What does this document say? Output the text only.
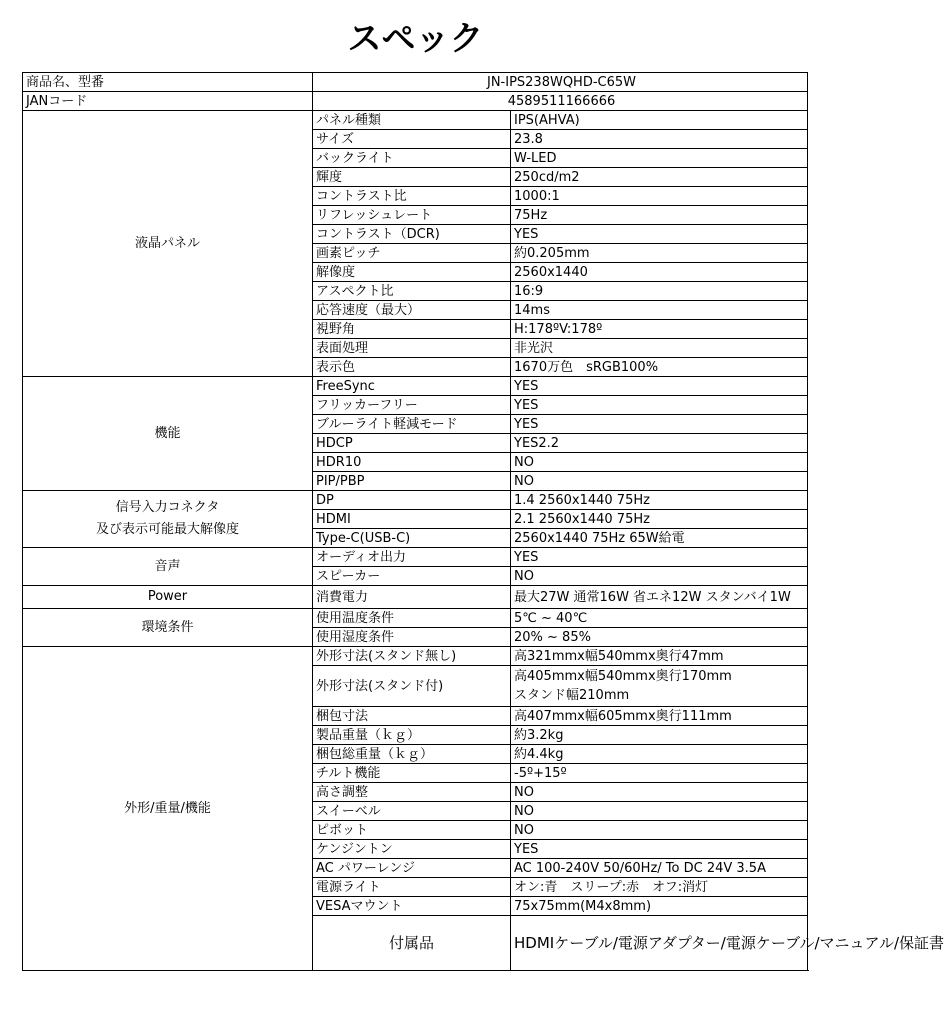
スペック
商品名、型番	JN-IPS238WQHD-C65W	
JANコード	4589511166666	
液晶パネル	パネル種類	IPS(AHVA)
	サイズ	23.8
	バックライト	W-LED
	輝度	250cd/m2
	コントラスト比	1000:1
	リフレッシュレート	75Hz
	コントラスト（DCR)	YES
	画素ピッチ	約0.205mm
	解像度	2560x1440
	アスペクト比	16:9
	応答速度（最大）	14ms
	視野角	H:178ºV:178º
	表面処理	非光沢
	表示色	1670万色　sRGB100%
機能	FreeSync	YES
	フリッカーフリー	YES
	ブルーライト軽減モード	YES
	HDCP	YES2.2
	HDR10	NO
	PIP/PBP	NO

信号入力コネクタ
及び表示可能最大解像度	DP	1.4 2560x1440 75Hz
	HDMI	2.1 2560x1440 75Hz
	Type-C(USB-C)	2560x1440 75Hz 65W給電
音声	オーディオ出力	YES
	スピーカー	NO
Power	消費電力	最大27W 通常16W 省エネ12W スタンバイ1W
環境条件	使用温度条件	5℃ ~ 40℃
	使用湿度条件	20% ~ 85%
外形/重量/機能	外形寸法(スタンド無し)	高321mmx幅540mmx奥行47mm
	外形寸法(スタンド付)	高405mmx幅540mmx奥行170mm
スタンド幅210mm

	梱包寸法	高407mmx幅605mmx奥行111mm
	製品重量（ｋｇ）	約3.2kg
	梱包総重量（ｋｇ）	約4.4kg
	チルト機能	-5º+15º
	高さ調整	NO
	スイーベル	NO
	ピボット	NO
	ケンジントン	YES
	AC パワーレンジ	AC 100-240V 50/60Hz/ To DC 24V 3.5A
	電源ライト	オン:青　スリープ:赤　オフ:消灯
	VESAマウント	75x75mm(M4x8mm)
	付属品	HDMIケーブル/電源アダプター/電源ケーブル/マニュアル/保証書
